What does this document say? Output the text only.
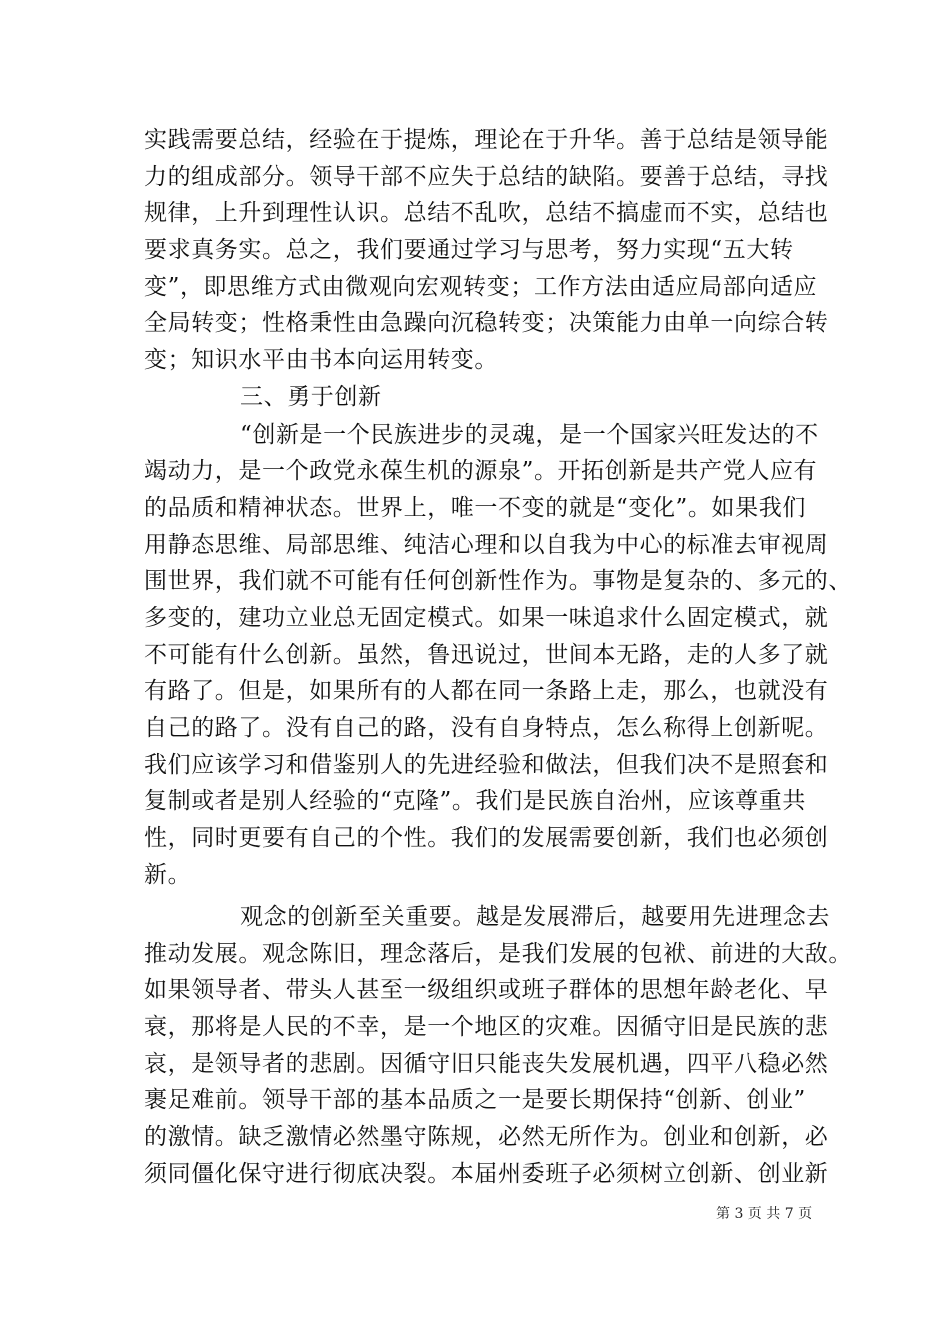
实践需要总结，经验在于提炼，理论在于升华。善于总结是领导能
力的组成部分。领导干部不应失于总结的缺陷。要善于总结，寻找
规律，上升到理性认识。总结不乱吹，总结不搞虚而不实，总结也
要求真务实。总之，我们要通过学习与思考，努力实现“五大转
变”，即思维方式由微观向宏观转变；工作方法由适应局部向适应
全局转变；性格秉性由急躁向沉稳转变；决策能力由单一向综合转
变；知识水平由书本向运用转变。
三、勇于创新
“创新是一个民族进步的灵魂，是一个国家兴旺发达的不
竭动力，是一个政党永葆生机的源泉”。开拓创新是共产党人应有
的品质和精神状态。世界上，唯一不变的就是“变化”。如果我们
用静态思维、局部思维、纯洁心理和以自我为中心的标准去审视周
围世界，我们就不可能有任何创新性作为。事物是复杂的、多元的、
多变的，建功立业总无固定模式。如果一味追求什么固定模式，就
不可能有什么创新。虽然，鲁迅说过，世间本无路，走的人多了就
有路了。但是，如果所有的人都在同一条路上走，那么，也就没有
自己的路了。没有自己的路，没有自身特点，怎么称得上创新呢。
我们应该学习和借鉴别人的先进经验和做法，但我们决不是照套和
复制或者是别人经验的“克隆”。我们是民族自治州，应该尊重共
性，同时更要有自己的个性。我们的发展需要创新，我们也必须创
新。
观念的创新至关重要。越是发展滞后，越要用先进理念去
推动发展。观念陈旧，理念落后，是我们发展的包袱、前进的大敌。
如果领导者、带头人甚至一级组织或班子群体的思想年龄老化、早
衰，那将是人民的不幸，是一个地区的灾难。因循守旧是民族的悲
哀，是领导者的悲剧。因循守旧只能丧失发展机遇，四平八稳必然
裹足难前。领导干部的基本品质之一是要长期保持“创新、创业”
的激情。缺乏激情必然墨守陈规，必然无所作为。创业和创新，必
须同僵化保守进行彻底决裂。本届州委班子必须树立创新、创业新
第 3 页 共 7 页
